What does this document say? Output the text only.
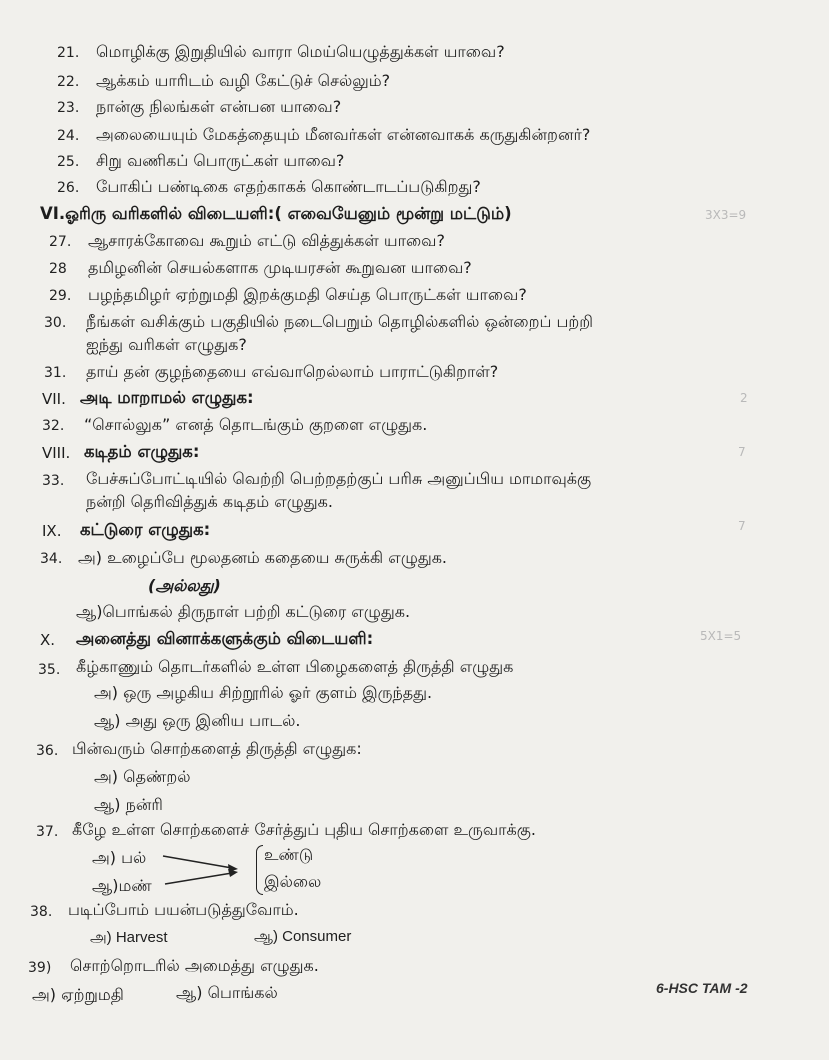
21. மொழிக்கு இறுதியில் வாரா மெய்யெழுத்துக்கள் யாவை?
22. ஆக்கம் யாரிடம் வழி கேட்டுச் செல்லும்?
23. நான்கு நிலங்கள் என்பன யாவை?
24. அலையையும் மேகத்தையும் மீனவர்கள் என்னவாகக் கருதுகின்றனர்?
25. சிறு வணிகப் பொருட்கள் யாவை?
26. போகிப் பண்டிகை எதற்காகக் கொண்டாடப்படுகிறது?
VI.ஓரிரு வரிகளில் விடையளி:( எவையேனும் மூன்று மட்டும்)	3X3=9
27. ஆசாரக்கோவை கூறும் எட்டு வித்துக்கள் யாவை?
28 தமிழனின் செயல்களாக முடியரசன் கூறுவன யாவை?
29. பழந்தமிழர் ஏற்றுமதி இறக்குமதி செய்த பொருட்கள் யாவை?
30. நீங்கள் வசிக்கும் பகுதியில் நடைபெறும் தொழில்களில் ஒன்றைப் பற்றி
ஐந்து வரிகள் எழுதுக?
31. தாய் தன் குழந்தையை எவ்வாறெல்லாம் பாராட்டுகிறாள்?
VII. அடி மாறாமல் எழுதுக:	2
32. “சொல்லுக” எனத் தொடங்கும் குறளை எழுதுக.
VIII. கடிதம் எழுதுக:	7
33. பேச்சுப்போட்டியில் வெற்றி பெற்றதற்குப் பரிசு அனுப்பிய மாமாவுக்கு
நன்றி தெரிவித்துக் கடிதம் எழுதுக.
IX. கட்டுரை எழுதுக:	7
34. அ) உழைப்பே மூலதனம் கதையை சுருக்கி எழுதுக.
(அல்லது)
ஆ)பொங்கல் திருநாள் பற்றி கட்டுரை எழுதுக.
X. அனைத்து வினாக்களுக்கும் விடையளி:	5X1=5
35. கீழ்காணும் தொடர்களில் உள்ள பிழைகளைத் திருத்தி எழுதுக
அ) ஒரு அழகிய சிற்றூரில் ஓர் குளம் இருந்தது.
ஆ) அது ஒரு இனிய பாடல்.
36. பின்வரும் சொற்களைத் திருத்தி எழுதுக:
அ) தெண்றல்
ஆ) நன்ரி
37. கீழே உள்ள சொற்களைச் சேர்த்துப் புதிய சொற்களை உருவாக்கு.
அ) பல்
ஆ)மண்
உண்டு
இல்லை
38. படிப்போம் பயன்படுத்துவோம்.
அ) Harvest	ஆ) Consumer
39) சொற்றொடரில் அமைத்து எழுதுக.
அ) ஏற்றுமதி	ஆ) பொங்கல்	6-HSC TAM -2
